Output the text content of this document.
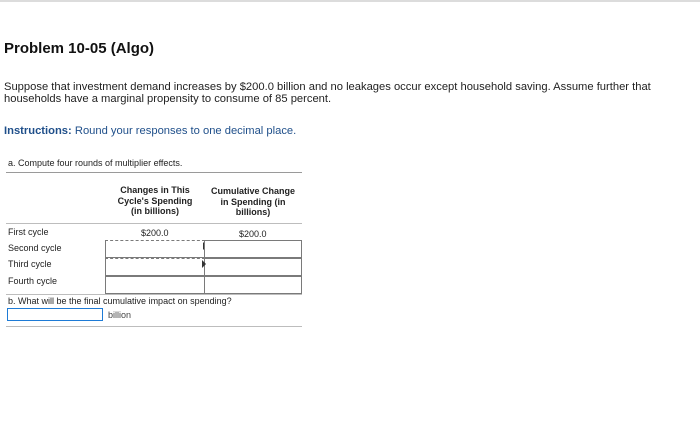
Problem 10-05 (Algo)
Suppose that investment demand increases by $200.0 billion and no leakages occur except household saving. Assume further that households have a marginal propensity to consume of 85 percent.
Instructions: Round your responses to one decimal place.
a. Compute four rounds of multiplier effects.
Changes in This
Cycle's Spending
(in billions)
Cumulative Change
in Spending (in
billions)
First cycle	$200.0	$200.0
Second cycle
Third cycle
Fourth cycle
b. What will be the final cumulative impact on spending?
billion
